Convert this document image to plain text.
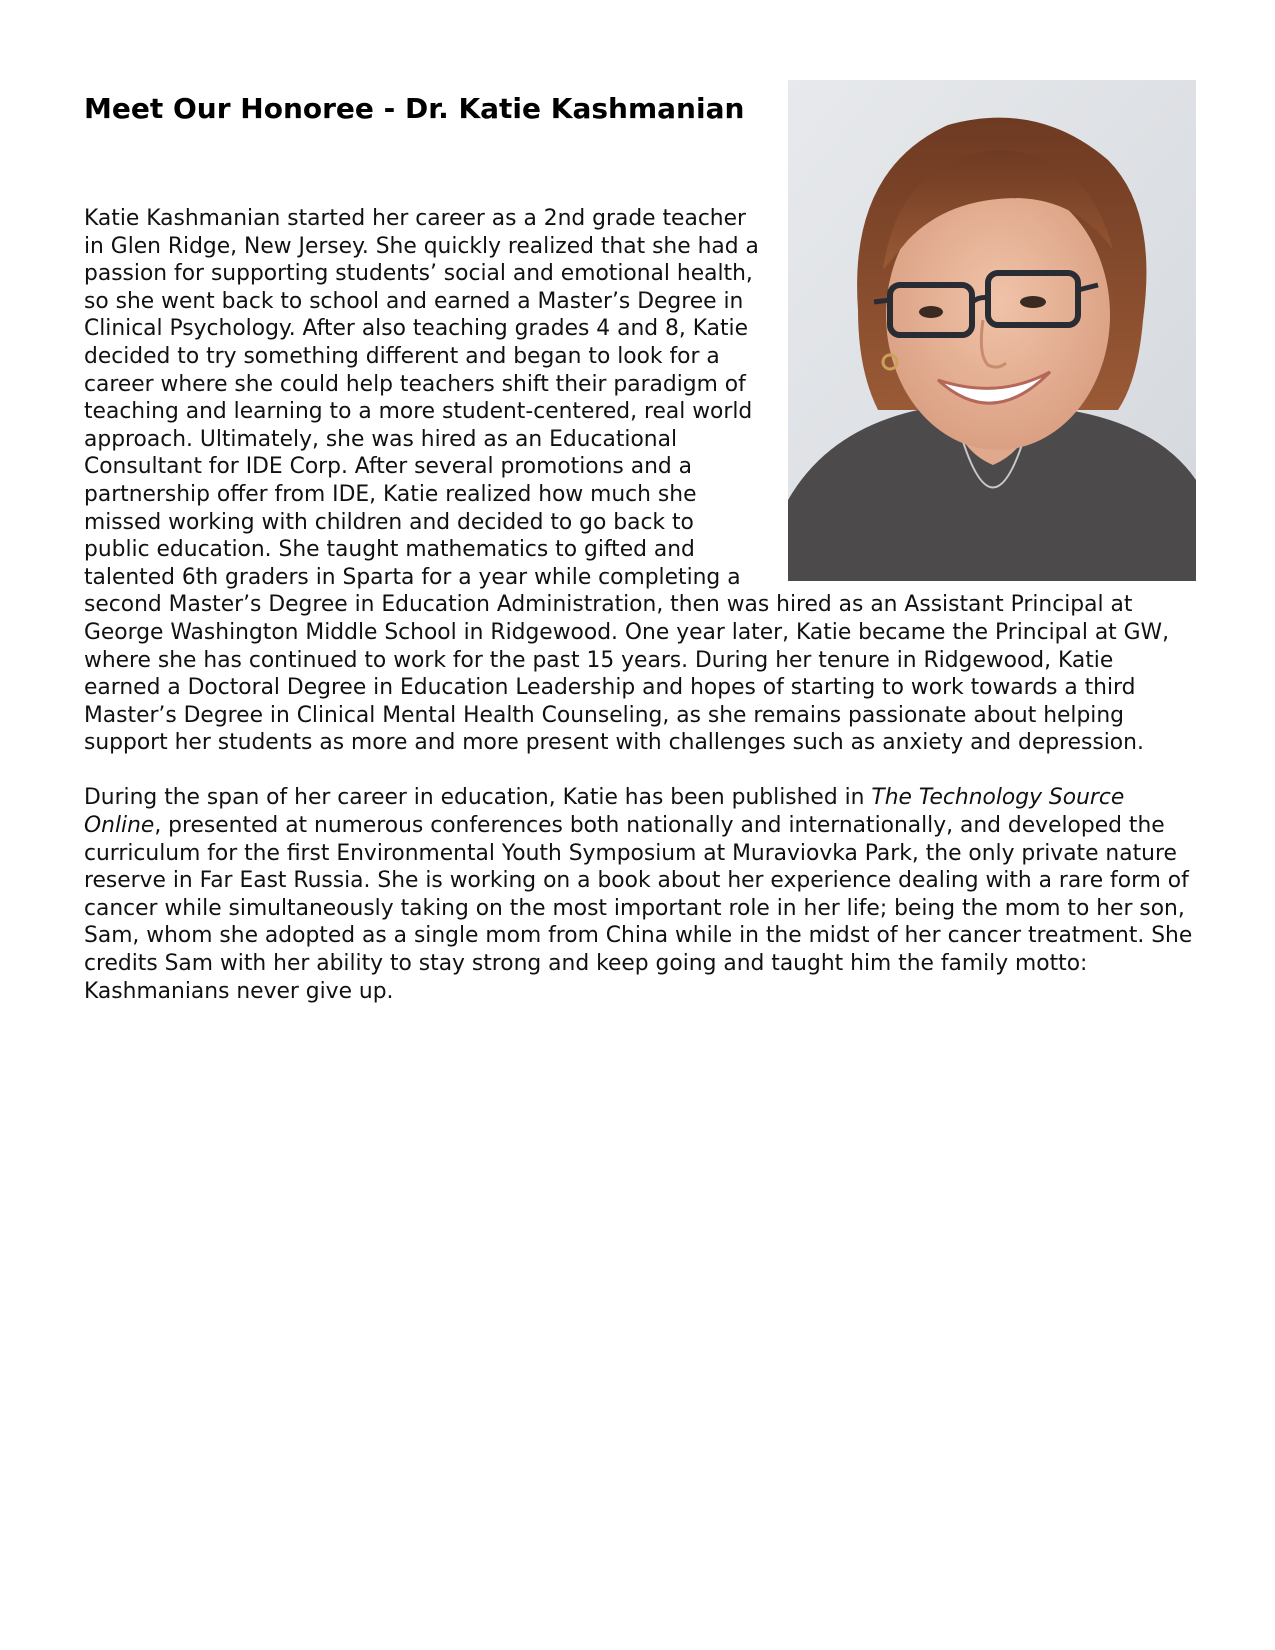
Meet Our Honoree - Dr. Katie Kashmanian

Katie Kashmanian started her career as a 2nd grade teacher in Glen Ridge, New Jersey. She quickly realized that she had a passion for supporting students’ social and emotional health, so she went back to school and earned a Master’s Degree in Clinical Psychology. After also teaching grades 4 and 8, Katie decided to try something different and began to look for a career where she could help teachers shift their paradigm of teaching and learning to a more student-centered, real world approach. Ultimately, she was hired as an Educational Consultant for IDE Corp. After several promotions and a partnership offer from IDE, Katie realized how much she missed working with children and decided to go back to public education. She taught mathematics to gifted and talented 6th graders in Sparta for a year while completing a second Master’s Degree in Education Administration, then was hired as an Assistant Principal at George Washington Middle School in Ridgewood. One year later, Katie became the Principal at GW, where she has continued to work for the past 15 years. During her tenure in Ridgewood, Katie earned a Doctoral Degree in Education Leadership and hopes of starting to work towards a third Master’s Degree in Clinical Mental Health Counseling, as she remains passionate about helping support her students as more and more present with challenges such as anxiety and depression.

During the span of her career in education, Katie has been published in The Technology Source Online, presented at numerous conferences both nationally and internationally, and developed the curriculum for the first Environmental Youth Symposium at Muraviovka Park, the only private nature reserve in Far East Russia. She is working on a book about her experience dealing with a rare form of cancer while simultaneously taking on the most important role in her life; being the mom to her son, Sam, whom she adopted as a single mom from China while in the midst of her cancer treatment. She credits Sam with her ability to stay strong and keep going and taught him the family motto: Kashmanians never give up.
